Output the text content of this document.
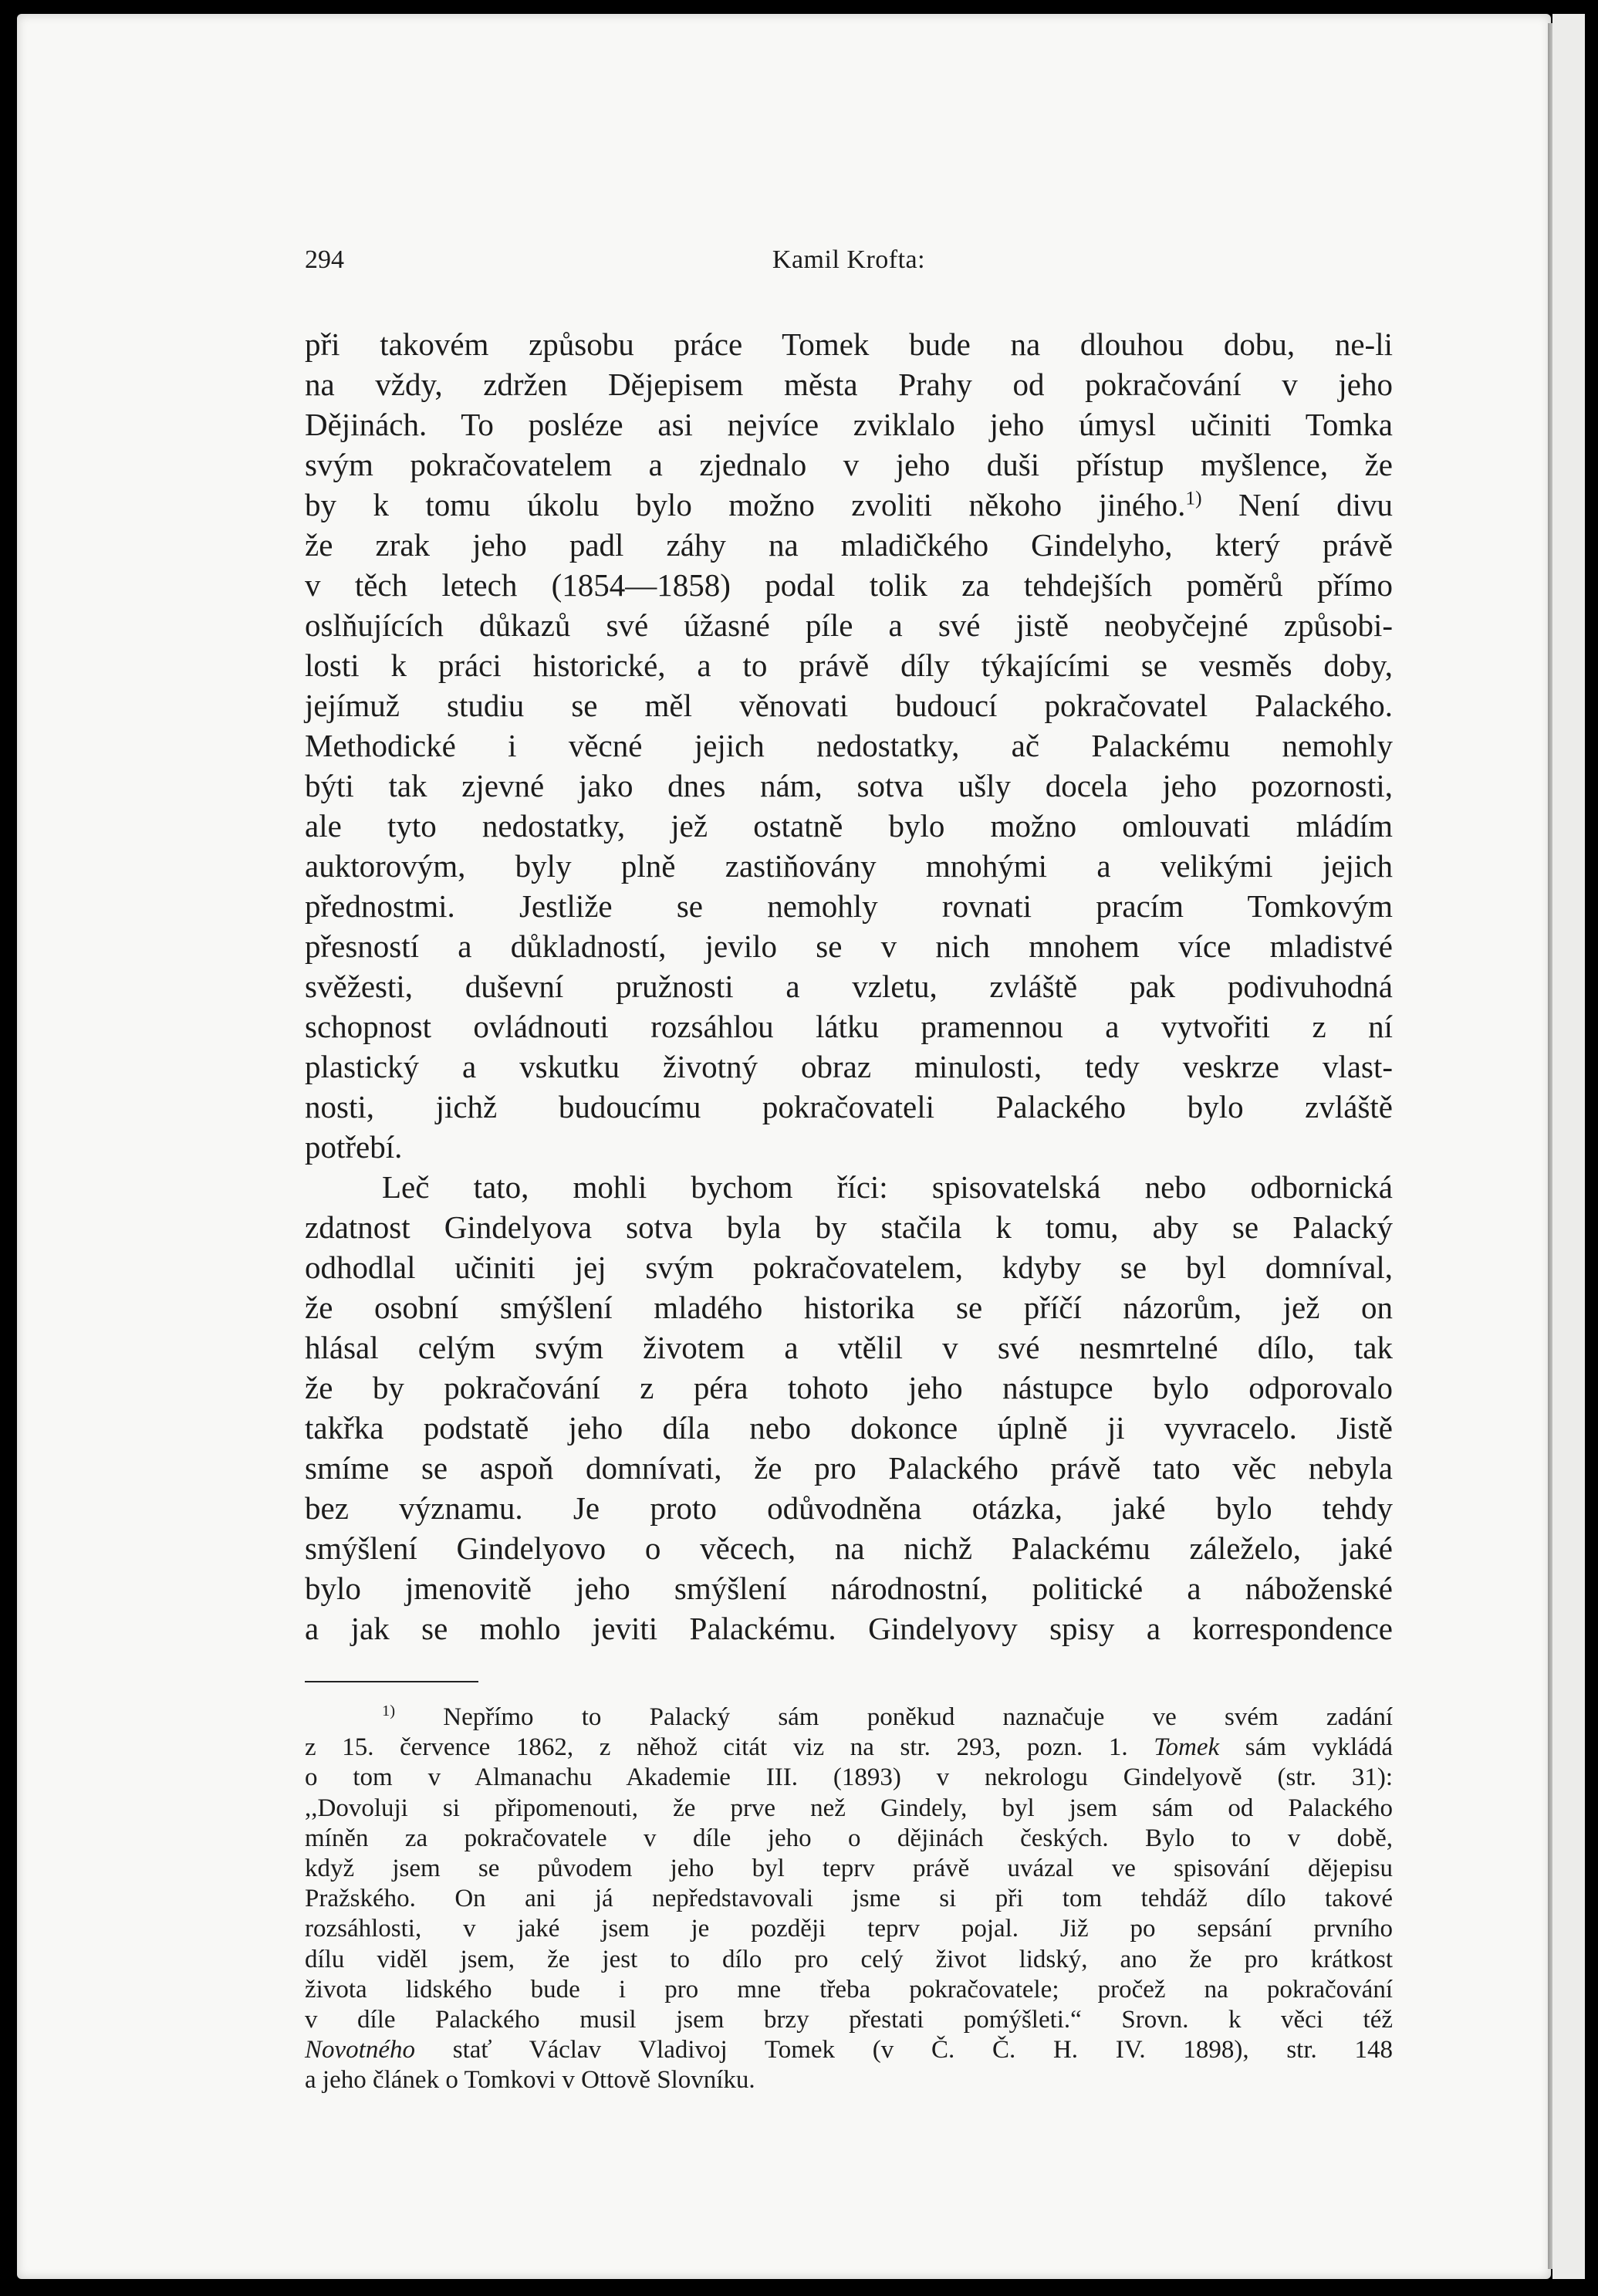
294	Kamil Krofta:

při takovém způsobu práce Tomek bude na dlouhou dobu, ne-li
na vždy, zdržen Dějepisem města Prahy od pokračování v jeho
Dějinách. To posléze asi nejvíce zviklalo jeho úmysl učiniti Tomka
svým pokračovatelem a zjednalo v jeho duši přístup myšlence, že
by k tomu úkolu bylo možno zvoliti někoho jiného.$^{1)}$ Není divu
že zrak jeho padl záhy na mladičkého Gindelyho, který právě
v těch letech (1854—1858) podal tolik za tehdejších poměrů přímo
oslňujících důkazů své úžasné píle a své jistě neobyčejné způsobi-
losti k práci historické, a to právě díly týkajícími se vesměs doby,
jejímuž studiu se měl věnovati budoucí pokračovatel Palackého.
Methodické i věcné jejich nedostatky, ač Palackému nemohly
býti tak zjevné jako dnes nám, sotva ušly docela jeho pozornosti,
ale tyto nedostatky, jež ostatně bylo možno omlouvati mládím
auktorovým, byly plně zastiňovány mnohými a velikými jejich
přednostmi. Jestliže se nemohly rovnati pracím Tomkovým
přesností a důkladností, jevilo se v nich mnohem více mladistvé
svěžesti, duševní pružnosti a vzletu, zvláště pak podivuhodná
schopnost ovládnouti rozsáhlou látku pramennou a vytvořiti z ní
plastický a vskutku životný obraz minulosti, tedy veskrze vlast-
nosti, jichž budoucímu pokračovateli Palackého bylo zvláště
potřebí.

Leč tato, mohli bychom říci: spisovatelská nebo odbornická
zdatnost Gindelyova sotva byla by stačila k tomu, aby se Palacký
odhodlal učiniti jej svým pokračovatelem, kdyby se byl domníval,
že osobní smýšlení mladého historika se příčí názorům, jež on
hlásal celým svým životem a vtělil v své nesmrtelné dílo, tak
že by pokračování z péra tohoto jeho nástupce bylo odporovalo
takřka podstatě jeho díla nebo dokonce úplně ji vyvracelo. Jistě
smíme se aspoň domnívati, že pro Palackého právě tato věc nebyla
bez významu. Je proto odůvodněna otázka, jaké bylo tehdy
smýšlení Gindelyovo o věcech, na nichž Palackému záleželo, jaké
bylo jmenovitě jeho smýšlení národnostní, politické a náboženské
a jak se mohlo jeviti Palackému. Gindelyovy spisy a korrespondence

$^{1)}$ Nepřímo to Palacký sám poněkud naznačuje ve svém zadání
z 15. července 1862, z něhož citát viz na str. 293, pozn. 1. Tomek sám vykládá
o tom v Almanachu Akademie III. (1893) v nekrologu Gindelyově (str. 31):
,,Dovoluji si připomenouti, že prve než Gindely, byl jsem sám od Palackého
míněn za pokračovatele v díle jeho o dějinách českých. Bylo to v době,
když jsem se původem jeho byl teprv právě uvázal ve spisování dějepisu
Pražského. On ani já nepředstavovali jsme si při tom tehdáž dílo takové
rozsáhlosti, v jaké jsem je později teprv pojal. Již po sepsání prvního
dílu viděl jsem, že jest to dílo pro celý život lidský, ano že pro krátkost
života lidského bude i pro mne třeba pokračovatele; pročež na pokračování
v díle Palackého musil jsem brzy přestati pomýšleti.“ Srovn. k věci též
Novotného stať Václav Vladivoj Tomek (v Č. Č. H. IV. 1898), str. 148
a jeho článek o Tomkovi v Ottově Slovníku.
